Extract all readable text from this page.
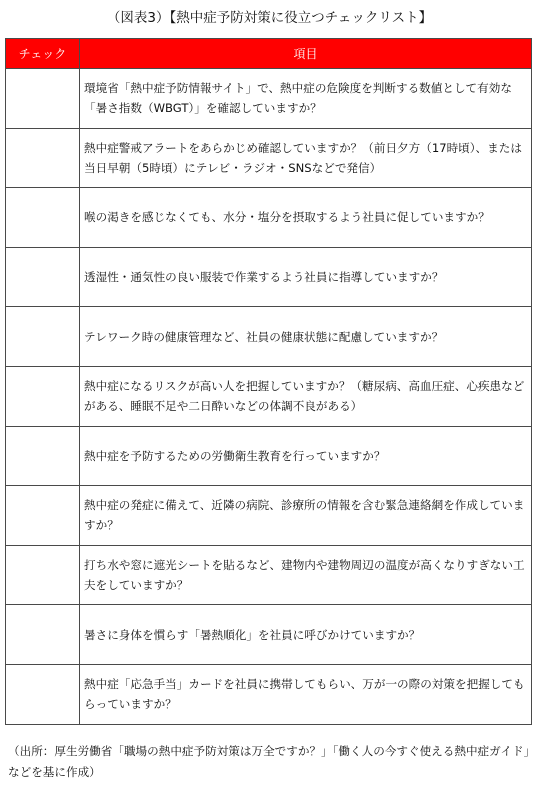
（図表3）【熱中症予防対策に役立つチェックリスト】
チェック	項目

	環境省「熱中症予防情報サイト」で、熱中症の危険度を判断する数値として有効な「暑さ指数（WBGT）」を確認していますか？

	熱中症警戒アラートをあらかじめ確認していますか？（前日夕方（17時頃）、または当日早朝（5時頃）にテレビ・ラジオ・SNSなどで発信）

	喉の渇きを感じなくても、水分・塩分を摂取するよう社員に促していますか？

	透湿性・通気性の良い服装で作業するよう社員に指導していますか？

	テレワーク時の健康管理など、社員の健康状態に配慮していますか？

	熱中症になるリスクが高い人を把握していますか？（糖尿病、高血圧症、心疾患などがある、睡眠不足や二日酔いなどの体調不良がある）

	熱中症を予防するための労働衛生教育を行っていますか？

	熱中症の発症に備えて、近隣の病院、診療所の情報を含む緊急連絡網を作成していますか？

	打ち水や窓に遮光シートを貼るなど、建物内や建物周辺の温度が高くなりすぎない工夫をしていますか？

	暑さに身体を慣らす「暑熱順化」を社員に呼びかけていますか？

	熱中症「応急手当」カードを社員に携帯してもらい、万が一の際の対策を把握してもらっていますか？
（出所：厚生労働省「職場の熱中症予防対策は万全ですか？」「働く人の今すぐ使える熱中症ガイド」などを基に作成）
